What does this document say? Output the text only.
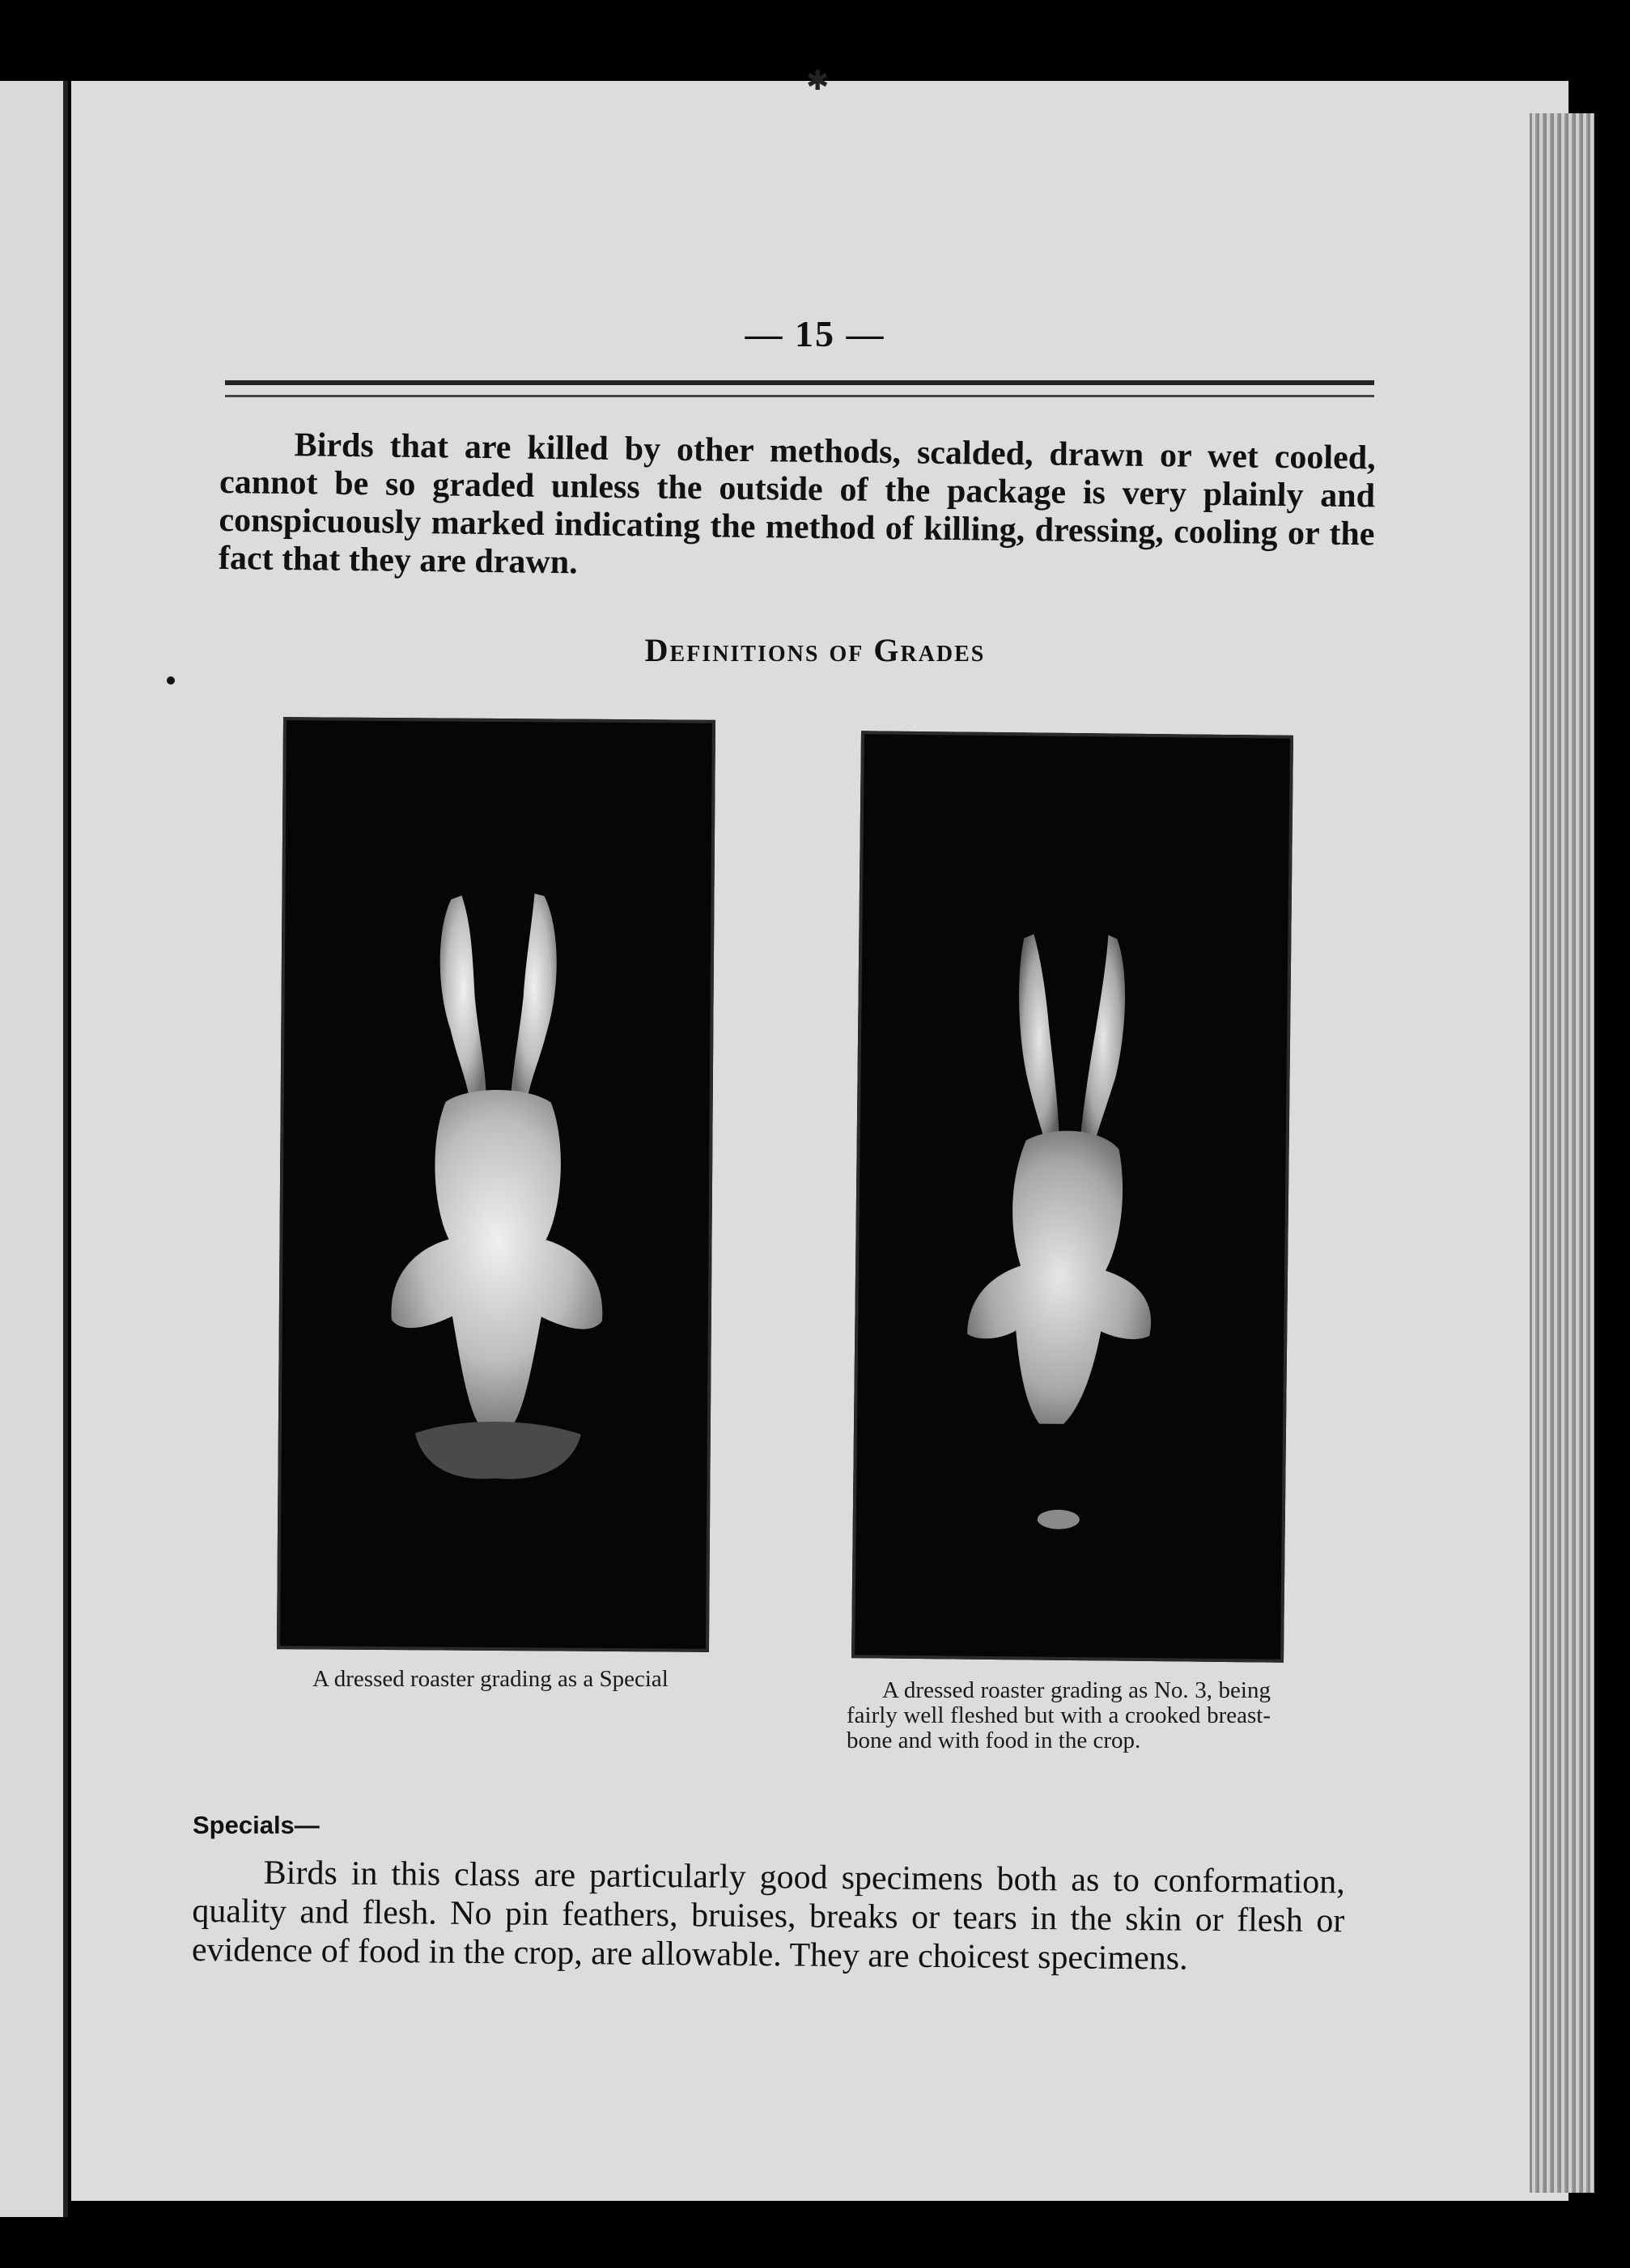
✱
— 15 —
Birds that are killed by other methods, scalded, drawn or wet cooled, cannot be so graded unless the outside of the package is very plainly and conspicuously marked indicating the method of killing, dressing, cooling or the fact that they are drawn.
Definitions of Grades
A dressed roaster grading as a Special	A dressed roaster grading as No. 3, being fairly well fleshed but with a crooked breast-bone and with food in the crop.
Specials—
Birds in this class are particularly good specimens both as to conformation, quality and flesh. No pin feathers, bruises, breaks or tears in the skin or flesh or evidence of food in the crop, are allowable. They are choicest specimens.
